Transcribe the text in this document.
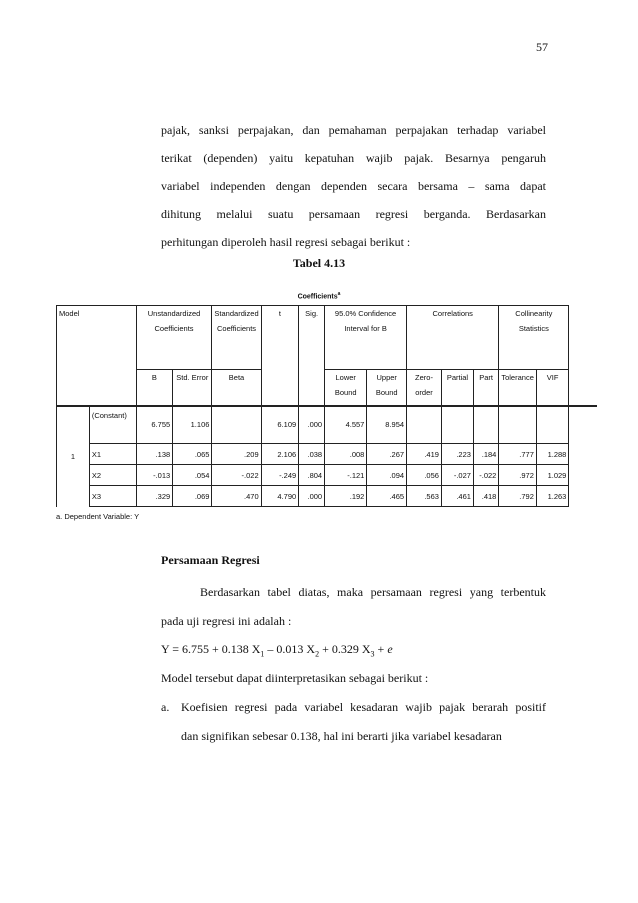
57
pajak, sanksi perpajakan, dan pemahaman perpajakan terhadap variabel
terikat (dependen) yaitu kepatuhan wajib pajak. Besarnya pengaruh
variabel independen dengan dependen secara bersama – sama dapat
dihitung melalui suatu persamaan regresi berganda. Berdasarkan
perhitungan diperoleh hasil regresi sebagai berikut :
Tabel 4.13
Coefficients$^a$
Model		Unstandardized Coefficients		Standardized Coefficients	t	Sig.	95.0% Confidence Interval for B		Correlations			Collinearity Statistics	
		B	Std. Error	Beta			Lower Bound	Upper Bound	Zero-order	Partial	Part	Tolerance	VIF
1	(Constant)	6.755	1.106		6.109	.000	4.557	8.954					
	X1	.138	.065	.209	2.106	.038	.008	.267	.419	.223	.184	.777	1.288
	X2	-.013	.054	-.022	-.249	.804	-.121	.094	.056	-.027	-.022	.972	1.029
	X3	.329	.069	.470	4.790	.000	.192	.465	.563	.461	.418	.792	1.263
a. Dependent Variable: Y
Persamaan Regresi
Berdasarkan tabel diatas, maka persamaan regresi yang terbentuk
pada uji regresi ini adalah :
Y = 6.755 + 0.138 $X_1 - 0.013$ $X_2 + 0.329$ $X_3 + e$
Model tersebut dapat diinterpretasikan sebagai berikut :
a. Koefisien regresi pada variabel kesadaran wajib pajak berarah positif
dan signifikan sebesar 0.138, hal ini berarti jika variabel kesadaran
